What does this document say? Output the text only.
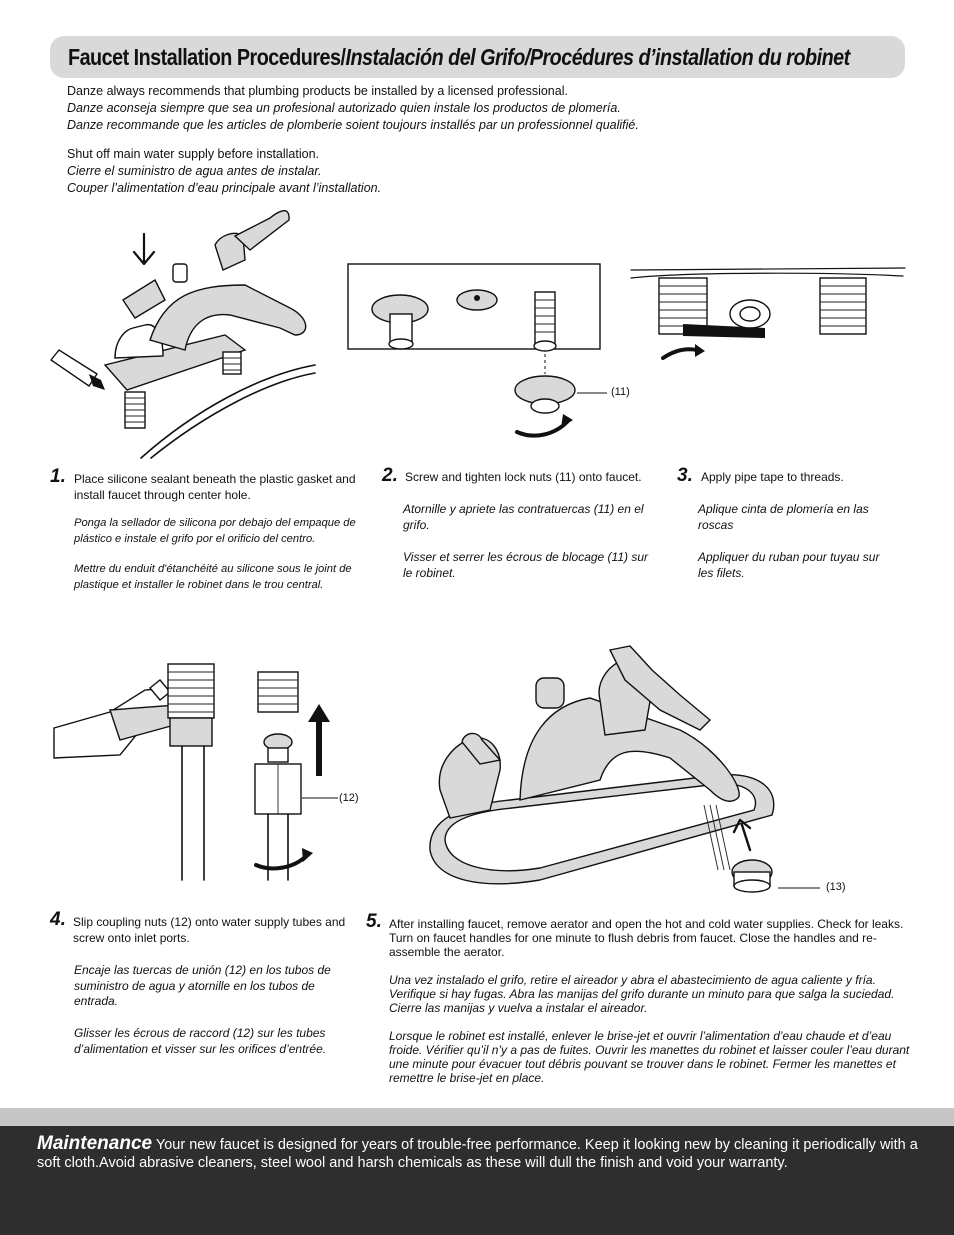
Faucet Installation Procedures/Instalación del Grifo/Procédures d’installation du robinet
Danze always recommends that plumbing products be installed by a licensed professional.
Danze aconseja siempre que sea un profesional autorizado quien instale los productos de plomería.
Danze recommande que les articles de plomberie soient toujours installés par un professionnel qualifié.
Shut off main water supply before installation.
Cierre el suministro de agua antes de instalar.
Couper l’alimentation d’eau principale avant l’installation.
(11)
1. Place silicone sealant beneath the plastic gasket and install faucet through center hole.
Ponga la sellador de silicona por debajo del empaque de plástico e instale el grifo por el orificio del centro.
Mettre du enduit d'étanchéité au silicone sous le joint de plastique et installer le robinet dans le trou central.
2. Screw and tighten lock nuts (11) onto faucet.
Atornille y apriete las contratuercas (11) en el grifo.
Visser et serrer les écrous de blocage (11) sur le robinet.
3. Apply pipe tape to threads.
Aplique cinta de plomería en las roscas
Appliquer du ruban pour tuyau sur les filets.
(12)
(13)
4. Slip coupling nuts (12) onto water supply tubes and screw onto inlet ports.
Encaje las tuercas de unión (12) en los tubos de suministro de agua y atornille en los tubos de entrada.
Glisser les écrous de raccord (12) sur les tubes d’alimentation et visser sur les orifices d’entrée.
5. After installing faucet, remove aerator and open the hot and cold water supplies. Check for leaks. Turn on faucet handles for one minute to flush debris from faucet. Close the handles and re-assemble the aerator.
Una vez instalado el grifo, retire el aireador y abra el abastecimiento de agua caliente y fría. Verifique si hay fugas. Abra las manijas del grifo durante un minuto para que salga la suciedad. Cierre las manijas y vuelva a instalar el aireador.
Lorsque le robinet est installé, enlever le brise-jet et ouvrir l’alimentation d’eau chaude et d’eau froide. Vérifier qu’il n’y a pas de fuites. Ouvrir les manettes du robinet et laisser couler l’eau durant une minute pour évacuer tout débris pouvant se trouver dans le robinet. Fermer les manettes et remettre le brise-jet en place.
Maintenance Your new faucet is designed for years of trouble-free performance. Keep it looking new by cleaning it periodically with a soft cloth.Avoid abrasive cleaners, steel wool and harsh chemicals as these will dull the finish and void your warranty.
